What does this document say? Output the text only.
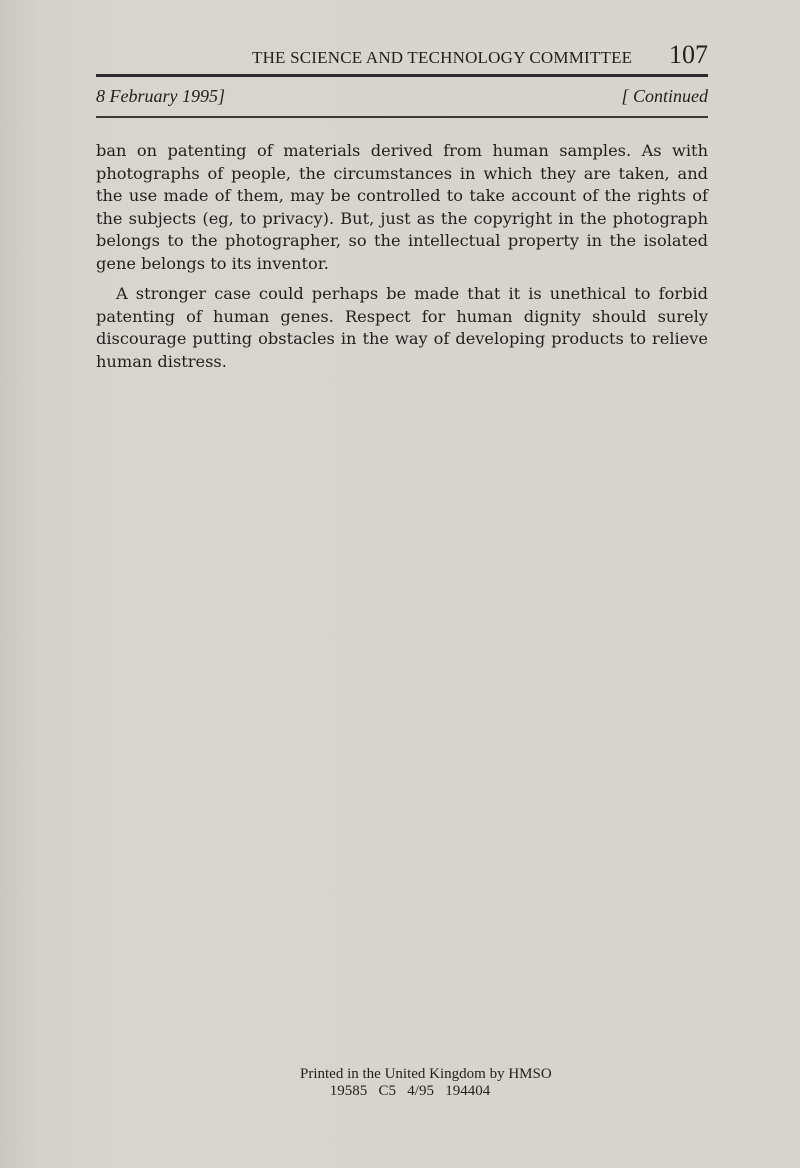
THE SCIENCE AND TECHNOLOGY COMMITTEE 107
8 February 1995]	[ Continued

ban on patenting of materials derived from human samples. As with photographs of people, the circumstances in which they are taken, and the use made of them, may be controlled to take account of the rights of the subjects (eg, to privacy). But, just as the copyright in the photograph belongs to the photographer, so the intellectual property in the isolated gene belongs to its inventor.

A stronger case could perhaps be made that it is unethical to forbid patenting of human genes. Respect for human dignity should surely discourage putting obstacles in the way of developing products to relieve human distress.

Printed in the United Kingdom by HMSO
19585   C5   4/95   194404
